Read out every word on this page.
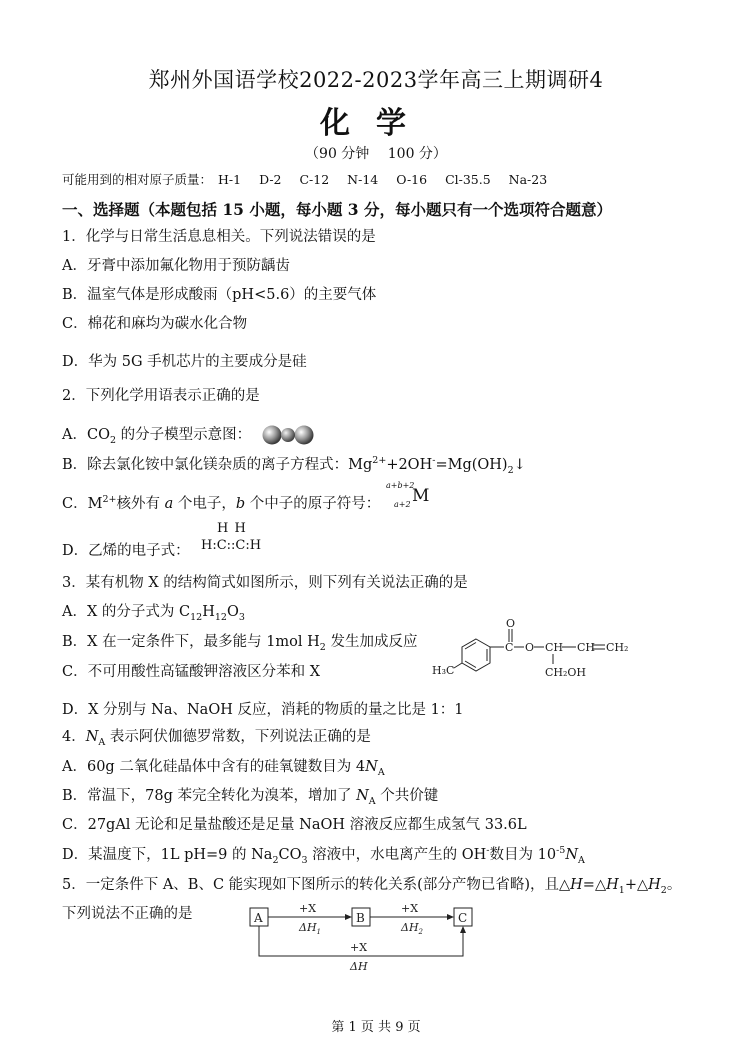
郑州外国语学校2022-2023学年高三上期调研4
化学
（90 分钟　 100 分）
可能用到的相对原子质量： H-1 D-2 C-12 N-14 O-16 Cl-35.5 Na-23
一、选择题（本题包括 15 小题，每小题 3 分，每小题只有一个选项符合题意）
1．化学与日常生活息息相关。下列说法错误的是
A．牙膏中添加氟化物用于预防龋齿
B．温室气体是形成酸雨（pH<5.6）的主要气体
C．棉花和麻均为碳水化合物
D．华为 5G 手机芯片的主要成分是硅
2．下列化学用语表示正确的是
A．$CO_2$ 的分子模型示意图：
B．除去氯化铵中氯化镁杂质的离子方程式：$Mg^{2+}+2OH^-=Mg(OH)_2↓$
C．$M^{2+}$核外有 a 个电子，b 个中子的原子符号：
a+b+2
a+2 M
D．乙烯的电子式：
H H
H:C::C:H
3．某有机物 X 的结构简式如图所示，则下列有关说法正确的是
A．X 的分子式为 $C_{12}H_{12}O_3$
B．X 在一定条件下，最多能与 1mol $H_2$ 发生加成反应
C．不可用酸性高锰酸钾溶液区分苯和 X
O
H₃C
C O CH CH CH₂
CH₂OH
D．X 分别与 Na、NaOH 反应，消耗的物质的量之比是 1：1
4．$N_A$ 表示阿伏伽德罗常数，下列说法正确的是
A．60g 二氧化硅晶体中含有的硅氧键数目为 $4N_A$
B．常温下，78g 苯完全转化为溴苯，增加了 $N_A$ 个共价键
C．27gAl 无论和足量盐酸还是足量 NaOH 溶液反应都生成氢气 33.6L
D．某温度下，1L pH=9 的 $Na_2CO_3$ 溶液中，水电离产生的 OH-数目为 $10^{-5}N_A$
5．一定条件下 A、B、C 能实现如下图所示的转化关系(部分产物已省略)，且$\triangle H=\triangle H_1+\triangle H_2$。
下列说法不正确的是	A	B	C
+X	+X
+X
$\Delta H_1$	$\Delta H_2$
ΔH
第 1 页 共 9 页
